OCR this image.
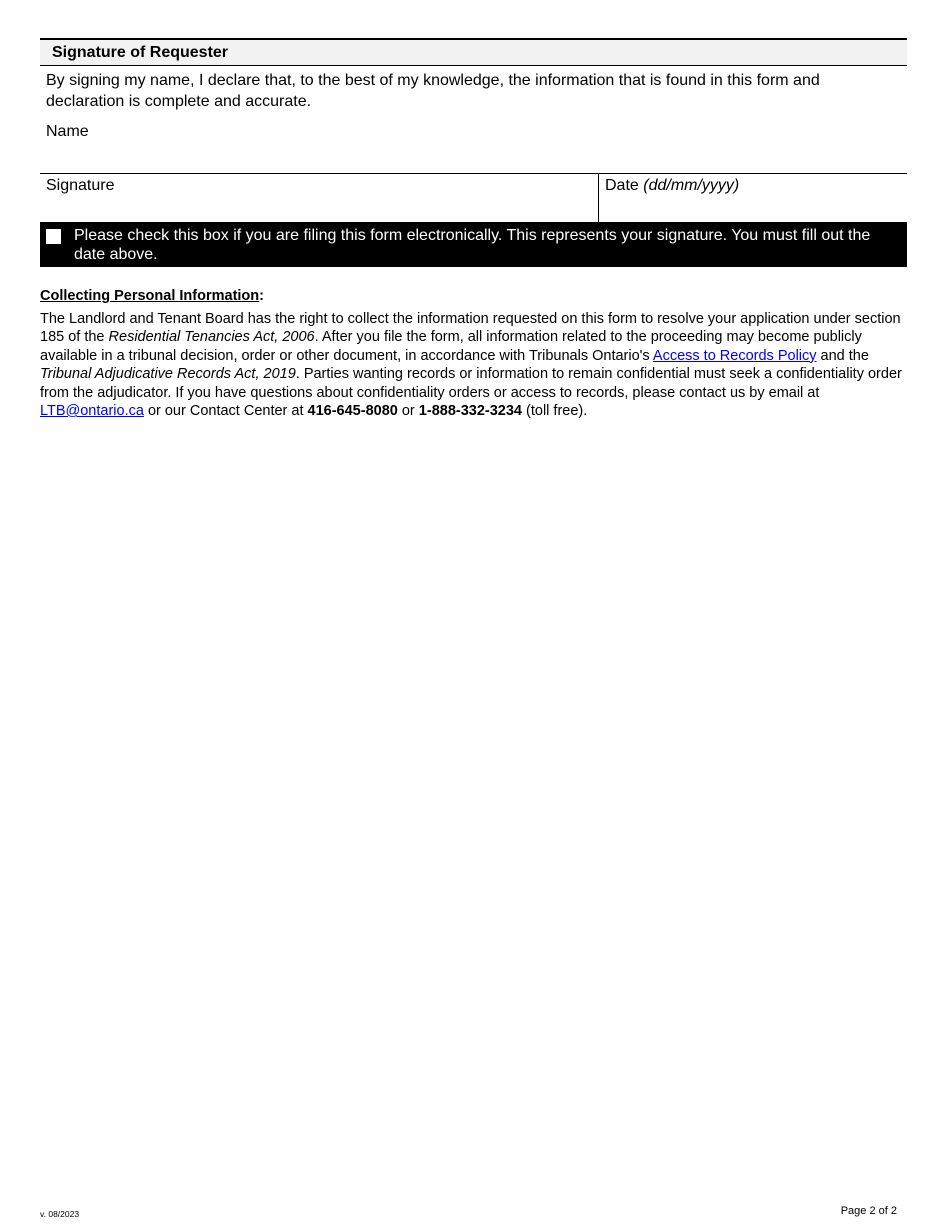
Signature of Requester
By signing my name, I declare that, to the best of my knowledge, the information that is found in this form and declaration is complete and accurate.
Name
Signature	Date (dd/mm/yyyy)
Please check this box if you are filing this form electronically. This represents your signature. You must fill out the date above.
Collecting Personal Information:
The Landlord and Tenant Board has the right to collect the information requested on this form to resolve your application under section 185 of the Residential Tenancies Act, 2006. After you file the form, all information related to the proceeding may become publicly available in a tribunal decision, order or other document, in accordance with Tribunals Ontario's Access to Records Policy and the Tribunal Adjudicative Records Act, 2019. Parties wanting records or information to remain confidential must seek a confidentiality order from the adjudicator. If you have questions about confidentiality orders or access to records, please contact us by email at LTB@ontario.ca or our Contact Center at 416-645-8080 or 1-888-332-3234 (toll free).
v. 08/2023	Page 2 of 2
